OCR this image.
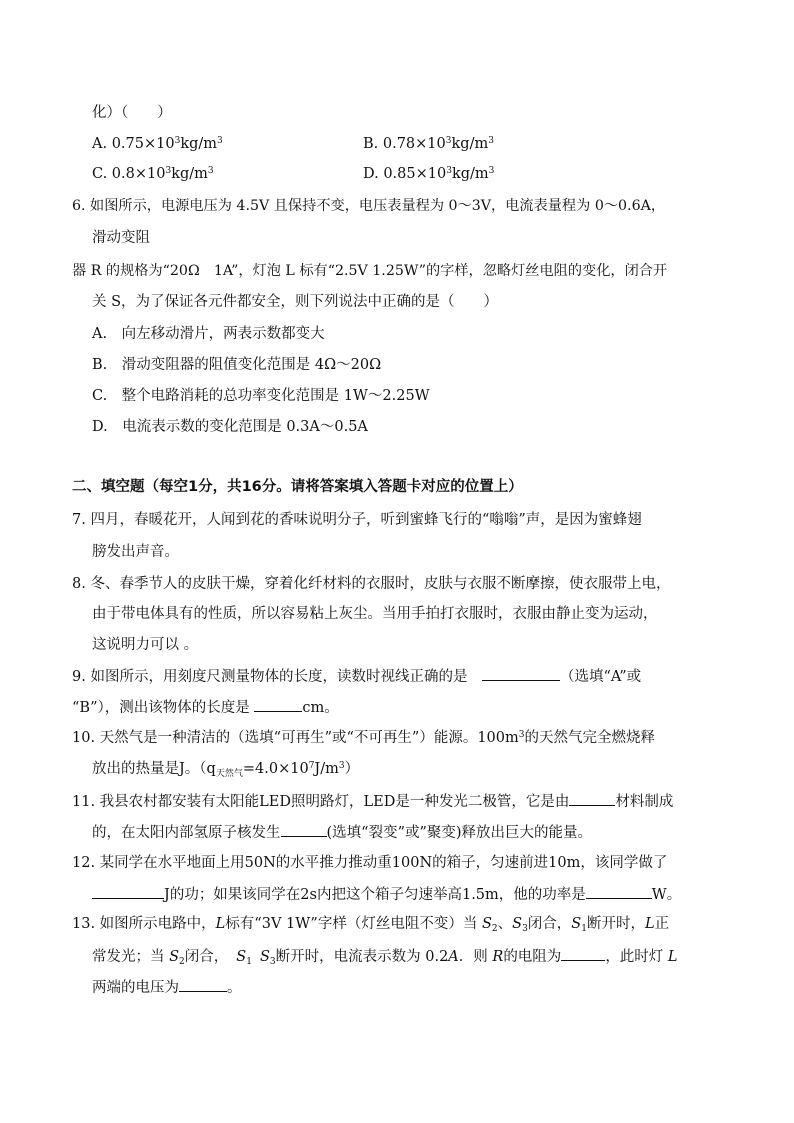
化）（　　）
A. $0.75\times 10^3kg/m^3$	B. $0.78\times 10^3kg/m^3$
C. $0.8\times 10^3kg/m^3$	D. $0.85\times 10^3kg/m^3$
6. 如图所示，电源电压为 4.5V 且保持不变，电压表量程为 0～3V，电流表量程为 0～0.6A，
滑动变阻
器 R 的规格为“20Ω　1A”，灯泡 L 标有“2.5V 1.25W”的字样，忽略灯丝电阻的变化，闭合开
关 S，为了保证各元件都安全，则下列说法中正确的是（　　）
A.　向左移动滑片，两表示数都变大
B.　滑动变阻器的阻值变化范围是 4Ω～20Ω
C.　整个电路消耗的总功率变化范围是 1W～2.25W
D.　电流表示数的变化范围是 0.3A～0.5A
二、填空题（每空1分，共16分。请将答案填入答题卡对应的位置上）
7. 四月，春暖花开，人闻到花的香味说明分子，听到蜜蜂飞行的“嗡嗡”声，是因为蜜蜂翅
膀发出声音。
8. 冬、春季节人的皮肤干燥，穿着化纤材料的衣服时，皮肤与衣服不断摩擦，使衣服带上电，
由于带电体具有的性质，所以容易粘上灰尘。当用手拍打衣服时，衣服由静止变为运动，
这说明力可以 。
9. 如图所示，用刻度尺测量物体的长度，读数时视线正确的是　	（选填“A”或
“B”），测出该物体的长度是	cm。
10. 天然气是一种清洁的（选填“可再生”或“不可再生”）能源。$100m^3$的天然气完全燃烧释
放出的热量是J。$(q_{天然气}=4.0\times 10^7J/m^3)$
11. 我县农村都安装有太阳能LED照明路灯，LED是一种发光二极管，它是由	材料制成
的，在太阳内部氢原子核发生	(选填“裂变”或”聚变)释放出巨大的能量。
12. 某同学在水平地面上用50N的水平推力推动重100N的箱子，匀速前进10m，该同学做了
J的功；如果该同学在2s内把这个箱子匀速举高1.5m，他的功率是	W。
13. 如图所示电路中，L标有“3V 1W”字样（灯丝电阻不变）当 $S_2$、$S_3$闭合，$S_1$断开时，L正
常发光；当 $S_2$闭合， $S_1$ $S_3$断开时，电流表示数为 0.2A．则 R的电阻为	，此时灯 L
两端的电压为	。
